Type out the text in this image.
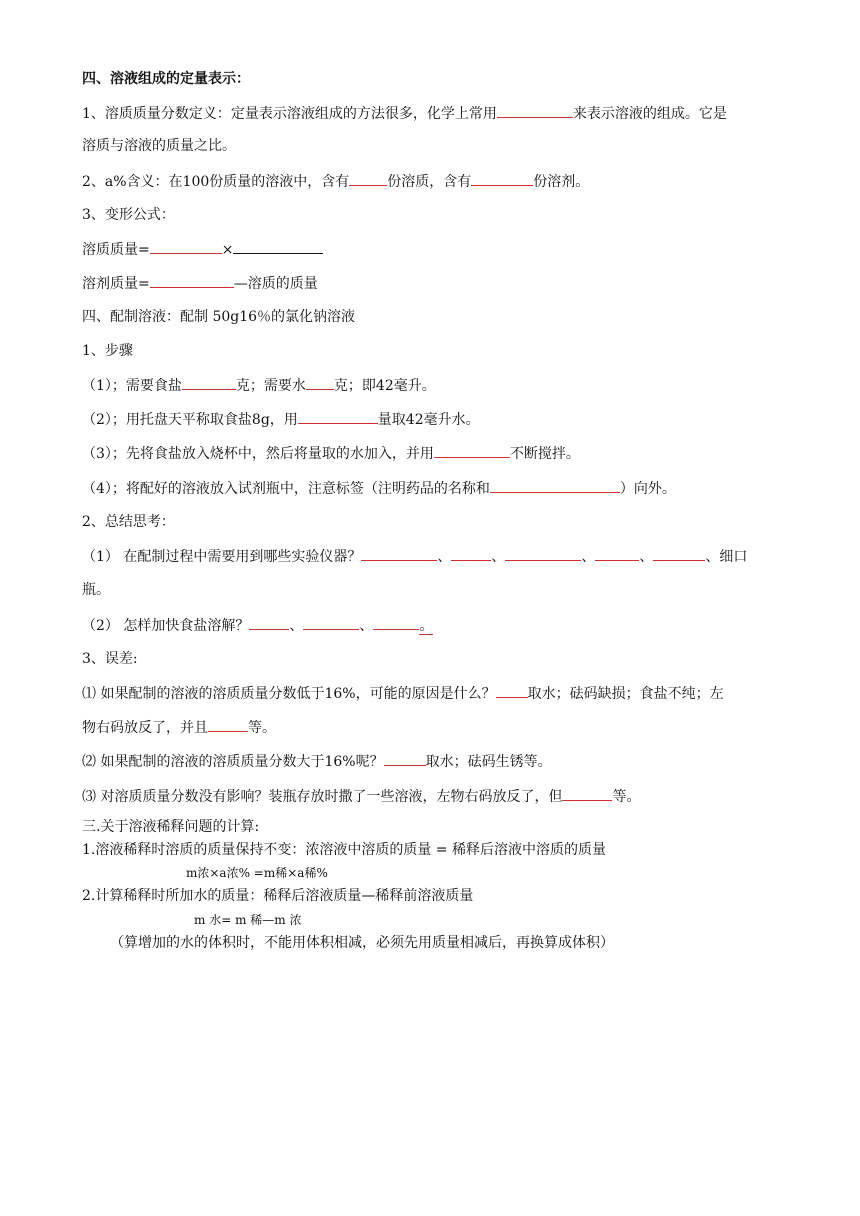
四、溶液组成的定量表示：
1、溶质质量分数定义：定量表示溶液组成的方法很多，化学上常用	来表示溶液的组成。它是
溶质与溶液的质量之比。
2、a%含义：在100份质量的溶液中，含有	份溶质，含有	份溶剂。
3、变形公式：
溶质质量=	×
溶剂质量=	—溶质的质量
四、配制溶液：配制 50g16％的氯化钠溶液
1、步骤
（1）；需要食盐	克；需要水 克；即42毫升。
（2）；用托盘天平称取食盐8g，用	量取42毫升水。
（3）；先将食盐放入烧杯中，然后将量取的水加入，并用	不断搅拌。
（4）；将配好的溶液放入试剂瓶中，注意标签（注明药品的名称和	）向外。
2、总结思考：
（1） 在配制过程中需要用到哪些实验仪器？	、	、	、	、	、细口
瓶。
（2） 怎样加快食盐溶解？	、	、	。
3、误差:
⑴ 如果配制的溶液的溶质质量分数低于16%，可能的原因是什么？ 取水；砝码缺损；食盐不纯；左
物右码放反了，并且	等。
⑵ 如果配制的溶液的溶质质量分数大于16%呢？	取水；砝码生锈等。
⑶ 对溶质质量分数没有影响？装瓶存放时撒了一些溶液，左物右码放反了，但	等。
三.关于溶液稀释问题的计算:
1.溶液稀释时溶质的质量保持不变：浓溶液中溶质的质量 = 稀释后溶液中溶质的质量
m浓×a浓% =m稀×a稀%
2.计算稀释时所加水的质量：稀释后溶液质量—稀释前溶液质量
m 水= m 稀—m 浓
（算增加的水的体积时，不能用体积相减，必须先用质量相减后，再换算成体积）
